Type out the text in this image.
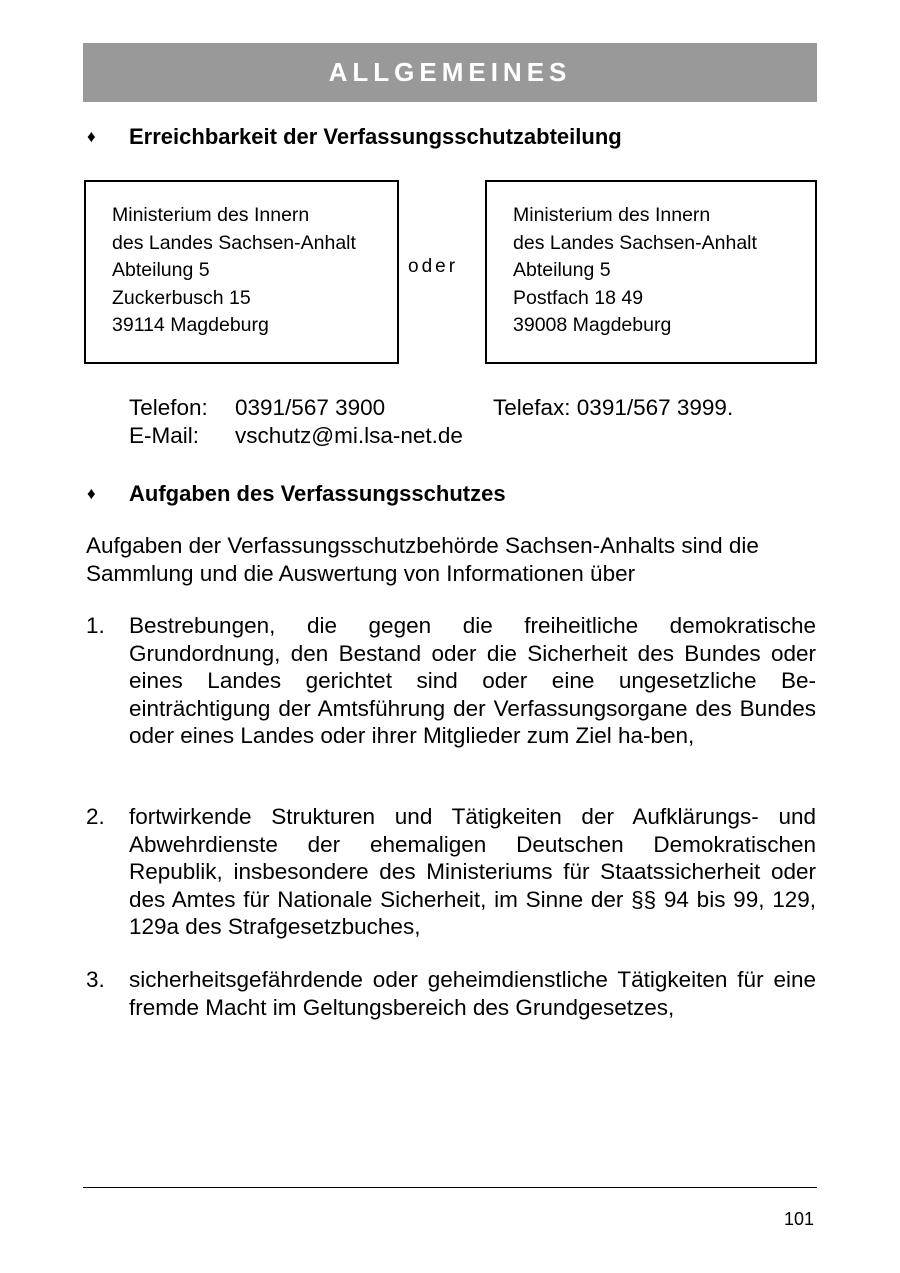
ALLGEMEINES
♦ Erreichbarkeit der Verfassungsschutzabteilung
Ministerium des Innern
des Landes Sachsen-Anhalt
Abteilung 5
Zuckerbusch 15
39114 Magdeburg
oder
Ministerium des Innern
des Landes Sachsen-Anhalt
Abteilung 5
Postfach 18 49
39008 Magdeburg
Telefon: 0391/567 3900	Telefax: 0391/567 3999.
E-Mail: vschutz@mi.lsa-net.de
♦ Aufgaben des Verfassungsschutzes
Aufgaben der Verfassungsschutzbehörde Sachsen-Anhalts sind die Sammlung und die Auswertung von Informationen über
1. Bestrebungen, die gegen die freiheitliche demokratische Grundordnung, den Bestand oder die Sicherheit des Bundes oder eines Landes gerichtet sind oder eine ungesetzliche Be-einträchtigung der Amtsführung der Verfassungsorgane des Bundes oder eines Landes oder ihrer Mitglieder zum Ziel ha-ben,
2. fortwirkende Strukturen und Tätigkeiten der Aufklärungs- und Abwehrdienste der ehemaligen Deutschen Demokratischen Republik, insbesondere des Ministeriums für Staatssicherheit oder des Amtes für Nationale Sicherheit, im Sinne der §§ 94 bis 99, 129, 129a des Strafgesetzbuches,
3. sicherheitsgefährdende oder geheimdienstliche Tätigkeiten für eine fremde Macht im Geltungsbereich des Grundgesetzes,
101
